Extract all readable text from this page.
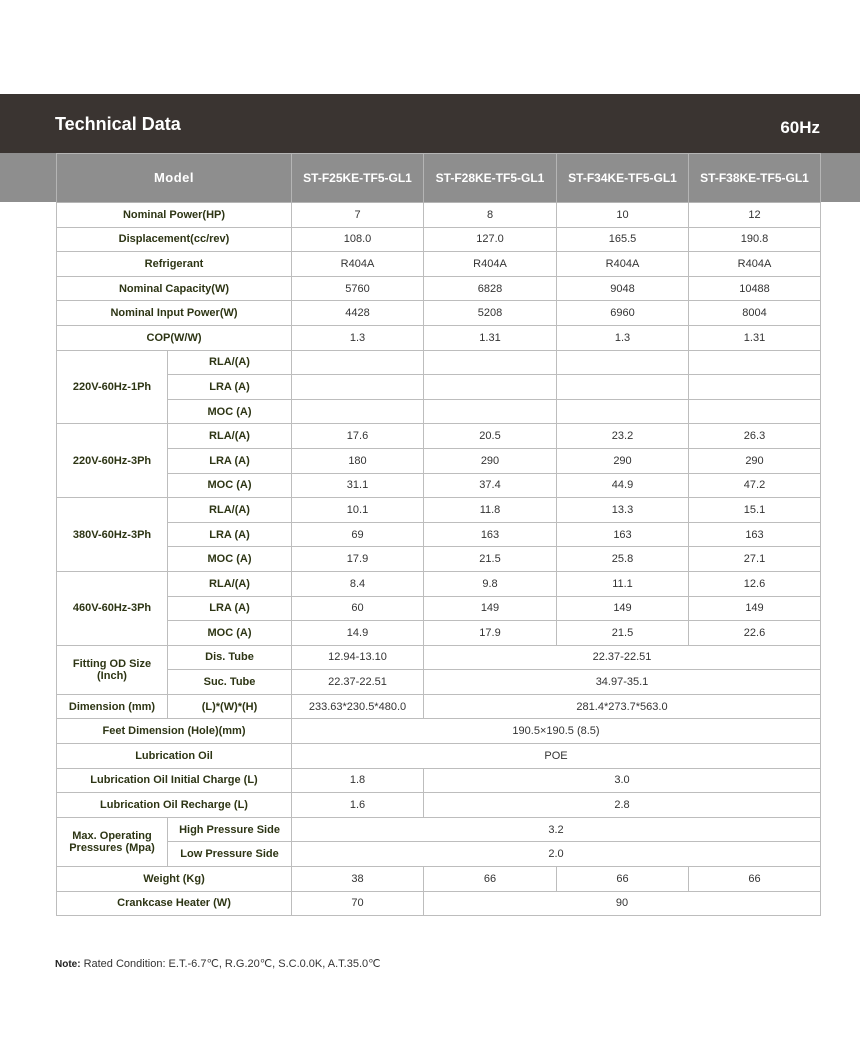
Technical Data	60Hz
Model		ST-F25KE-TF5-GL1	ST-F28KE-TF5-GL1	ST-F34KE-TF5-GL1	ST-F38KE-TF5-GL1
Nominal Power(HP)		7	8	10	12
Displacement(cc/rev)		108.0	127.0	165.5	190.8
Refrigerant		R404A	R404A	R404A	R404A
Nominal Capacity(W)		5760	6828	9048	10488
Nominal Input Power(W)		4428	5208	6960	8004
COP(W/W)		1.3	1.31	1.3	1.31
220V-60Hz-1Ph	RLA/(A)				
	LRA (A)				
	MOC (A)				
220V-60Hz-3Ph	RLA/(A)	17.6	20.5	23.2	26.3
	LRA (A)	180	290	290	290
	MOC (A)	31.1	37.4	44.9	47.2
380V-60Hz-3Ph	RLA/(A)	10.1	11.8	13.3	15.1
	LRA (A)	69	163	163	163
	MOC (A)	17.9	21.5	25.8	27.1
460V-60Hz-3Ph	RLA/(A)	8.4	9.8	11.1	12.6
	LRA (A)	60	149	149	149
	MOC (A)	14.9	17.9	21.5	22.6
Fitting OD Size (Inch)	Dis. Tube	12.94-13.10	22.37-22.51		
	Suc. Tube	22.37-22.51	34.97-35.1		
Dimension (mm)	(L)*(W)*(H)	233.63*230.5*480.0	281.4*273.7*563.0		
Feet Dimension (Hole)(mm)		190.5×190.5 (8.5)			
Lubrication Oil		POE			
Lubrication Oil Initial Charge (L)		1.8	3.0		
Lubrication Oil Recharge (L)		1.6	2.8		
Max. Operating
Pressures (Mpa)	High Pressure Side	3.2			
	Low Pressure Side	2.0			
Weight (Kg)		38	66	66	66
Crankcase Heater (W)		70	90		
Note: Rated Condition: E.T.-6.7℃, R.G.20℃, S.C.0.0K, A.T.35.0℃
